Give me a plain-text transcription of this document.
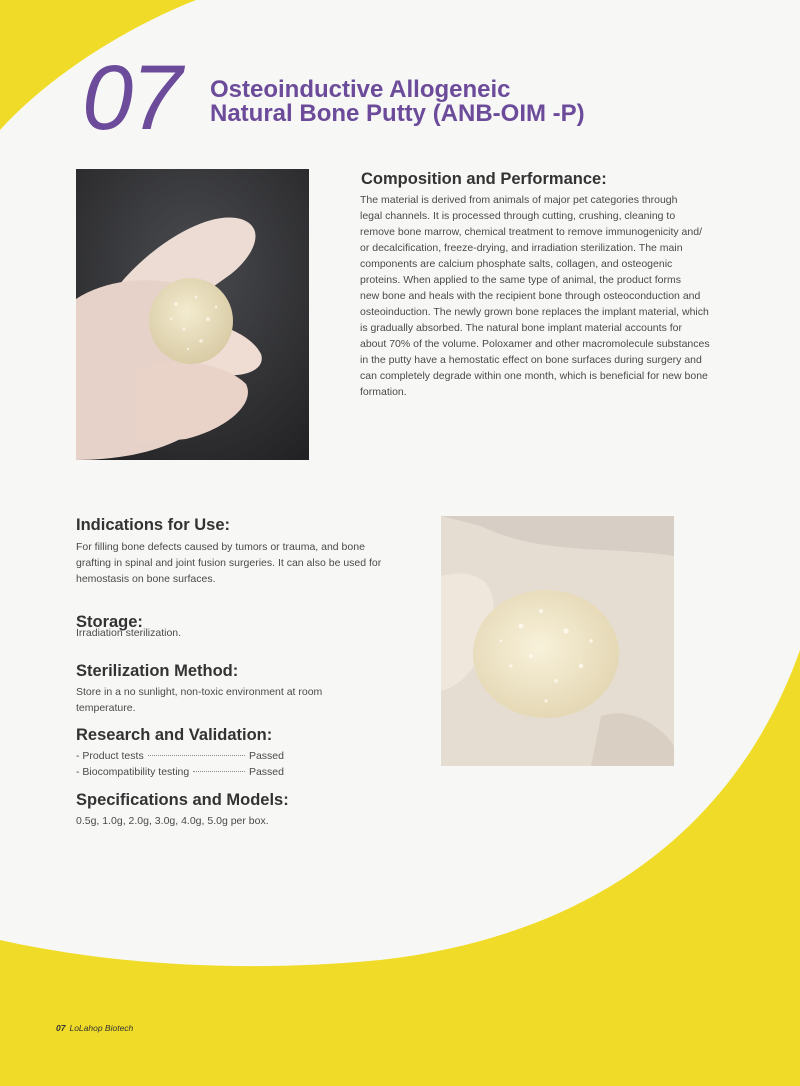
07 Osteoinductive Allogeneic
Natural Bone Putty (ANB-OIM -P)
Composition and Performance:
The material is derived from animals of major pet categories through
legal channels. It is processed through cutting, crushing, cleaning to
remove bone marrow, chemical treatment to remove immunogenicity and/
or decalcification, freeze-drying, and irradiation sterilization. The main
components are calcium phosphate salts, collagen, and osteogenic
proteins. When applied to the same type of animal, the product forms
new bone and heals with the recipient bone through osteoconduction and
osteoinduction. The newly grown bone replaces the implant material, which
is gradually absorbed. The natural bone implant material accounts for
about 70% of the volume. Poloxamer and other macromolecule substances
in the putty have a hemostatic effect on bone surfaces during surgery and
can completely degrade within one month, which is beneficial for new bone
formation.
Indications for Use:
For filling bone defects caused by tumors or trauma, and bone
grafting in spinal and joint fusion surgeries. It can also be used for
hemostasis on bone surfaces.
Storage:
Irradiation sterilization.
Sterilization Method:
Store in a no sunlight, non-toxic environment at room
temperature.
Research and Validation:
- Product tests	Passed
- Biocompatibility testing	Passed
Specifications and Models:
0.5g, 1.0g, 2.0g, 3.0g, 4.0g, 5.0g per box.
07 LoLahop Biotech
